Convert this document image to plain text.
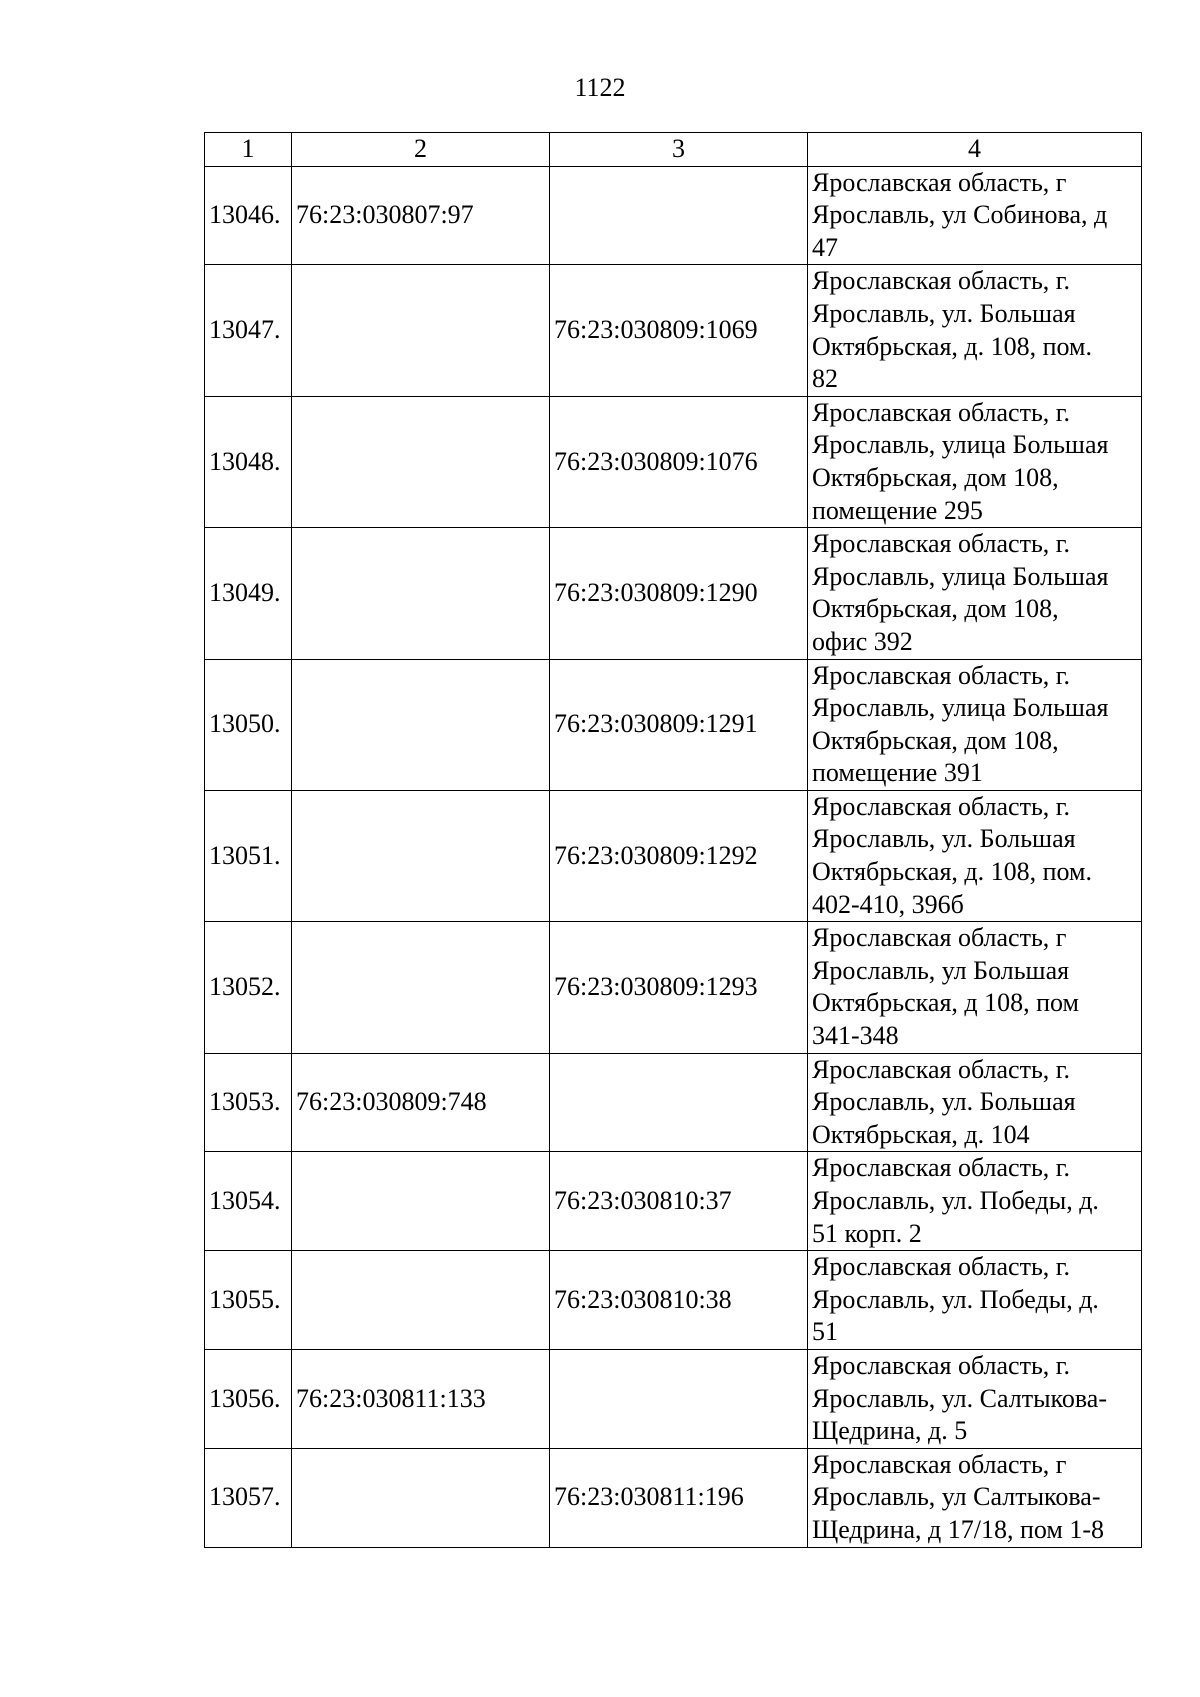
1122
1	2	3	4
13046.	76:23:030807:97		Ярославская область, г
Ярославль, ул Собинова, д
47

13047.		76:23:030809:1069	Ярославская область, г.
Ярославль, ул. Большая
Октябрьская, д. 108, пом.
82

13048.		76:23:030809:1076	Ярославская область, г.
Ярославль, улица Большая
Октябрьская, дом 108,
помещение 295

13049.		76:23:030809:1290	Ярославская область, г.
Ярославль, улица Большая
Октябрьская, дом 108,
офис 392

13050.		76:23:030809:1291	Ярославская область, г.
Ярославль, улица Большая
Октябрьская, дом 108,
помещение 391

13051.		76:23:030809:1292	Ярославская область, г.
Ярославль, ул. Большая
Октябрьская, д. 108, пом.
402-410, 396б

13052.		76:23:030809:1293	Ярославская область, г
Ярославль, ул Большая
Октябрьская, д 108, пом
341-348

13053.	76:23:030809:748		Ярославская область, г.
Ярославль, ул. Большая
Октябрьская, д. 104

13054.		76:23:030810:37	Ярославская область, г.
Ярославль, ул. Победы, д.
51 корп. 2

13055.		76:23:030810:38	Ярославская область, г.
Ярославль, ул. Победы, д.
51

13056.	76:23:030811:133		Ярославская область, г.
Ярославль, ул. Салтыкова-
Щедрина, д. 5

13057.		76:23:030811:196	Ярославская область, г
Ярославль, ул Салтыкова-
Щедрина, д 17/18, пом 1-8
